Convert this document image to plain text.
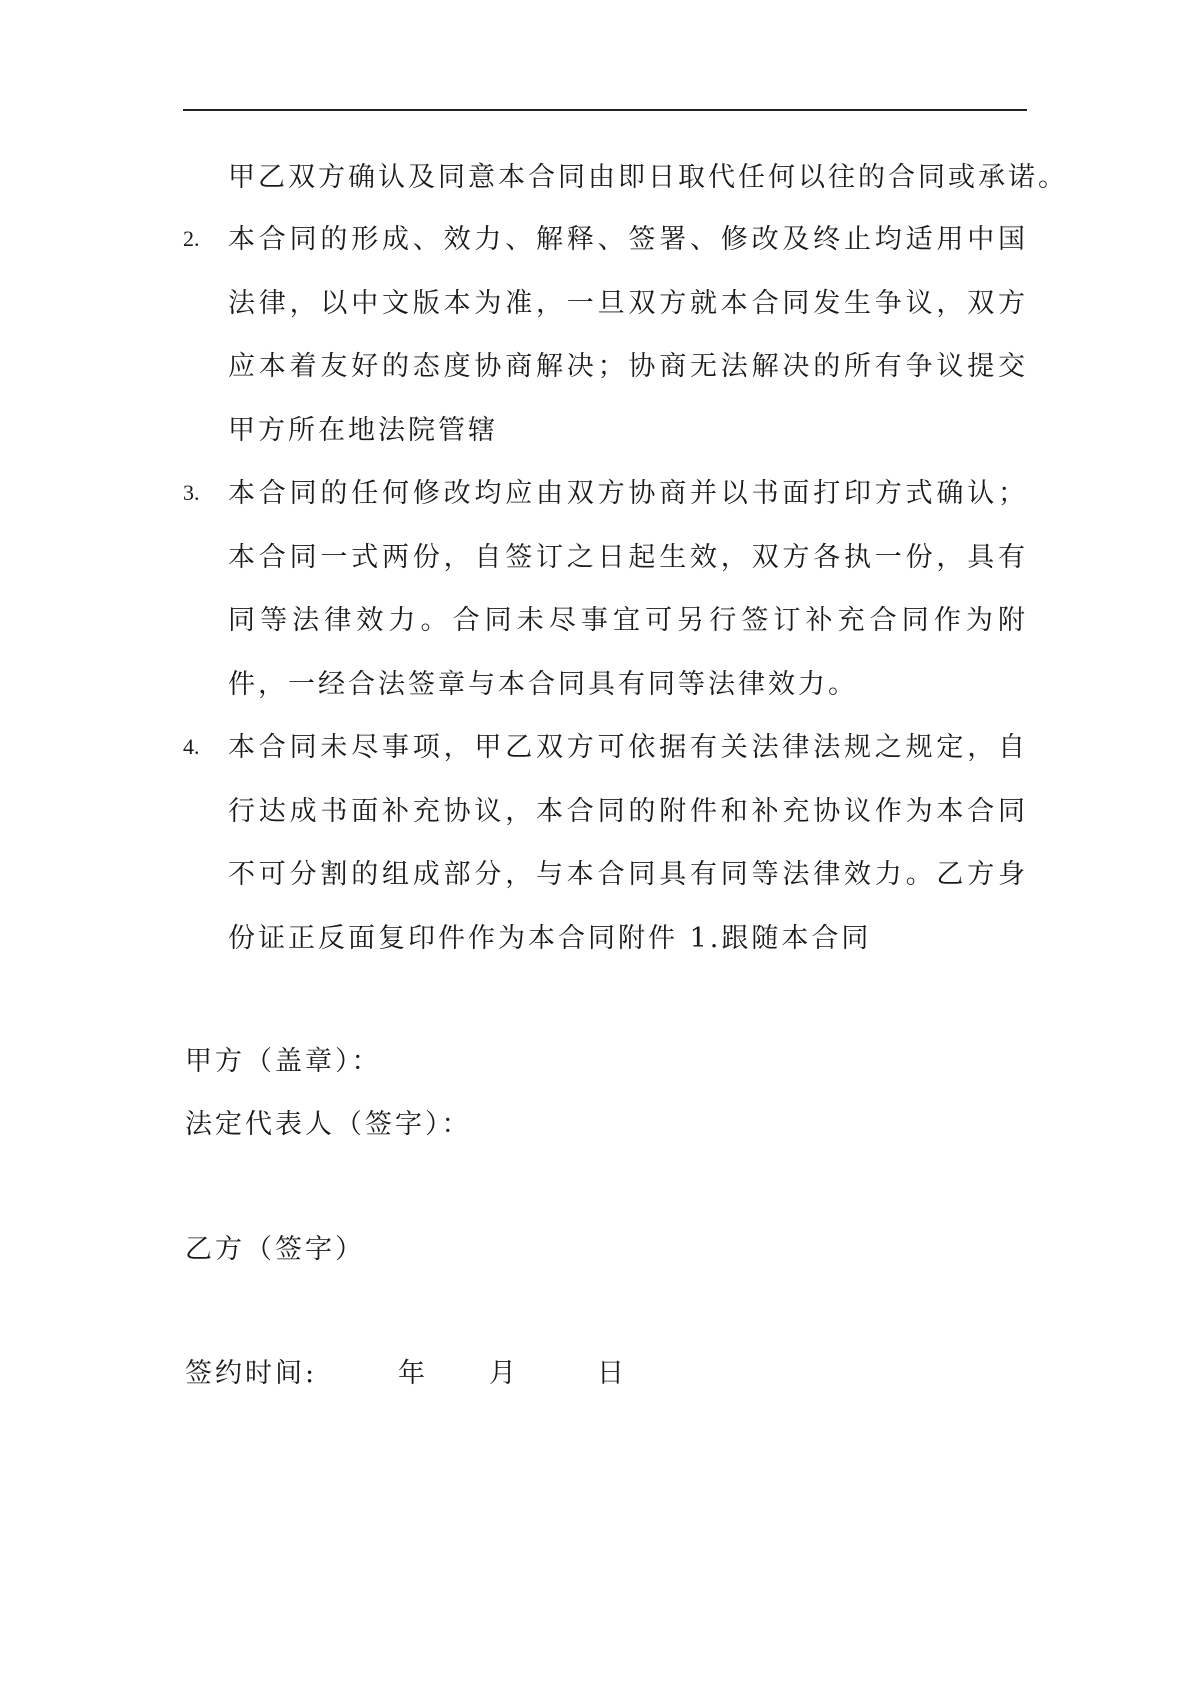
甲乙双方确认及同意本合同由即日取代任何以往的合同或承诺。
2. 本合同的形成、效力、解释、签署、修改及终止均适用中国法律，以中文版本为准，一旦双方就本合同发生争议，双方应本着友好的态度协商解决；协商无法解决的所有争议提交甲方所在地法院管辖
3. 本合同的任何修改均应由双方协商并以书面打印方式确认；本合同一式两份，自签订之日起生效，双方各执一份，具有同等法律效力。合同未尽事宜可另行签订补充合同作为附件，一经合法签章与本合同具有同等法律效力。
4. 本合同未尽事项，甲乙双方可依据有关法律法规之规定，自行达成书面补充协议，本合同的附件和补充协议作为本合同不可分割的组成部分，与本合同具有同等法律效力。乙方身份证正反面复印件作为本合同附件 1.跟随本合同
甲方（盖章）：
法定代表人（签字）：
乙方（签字）
签约时间:	年 月	日
